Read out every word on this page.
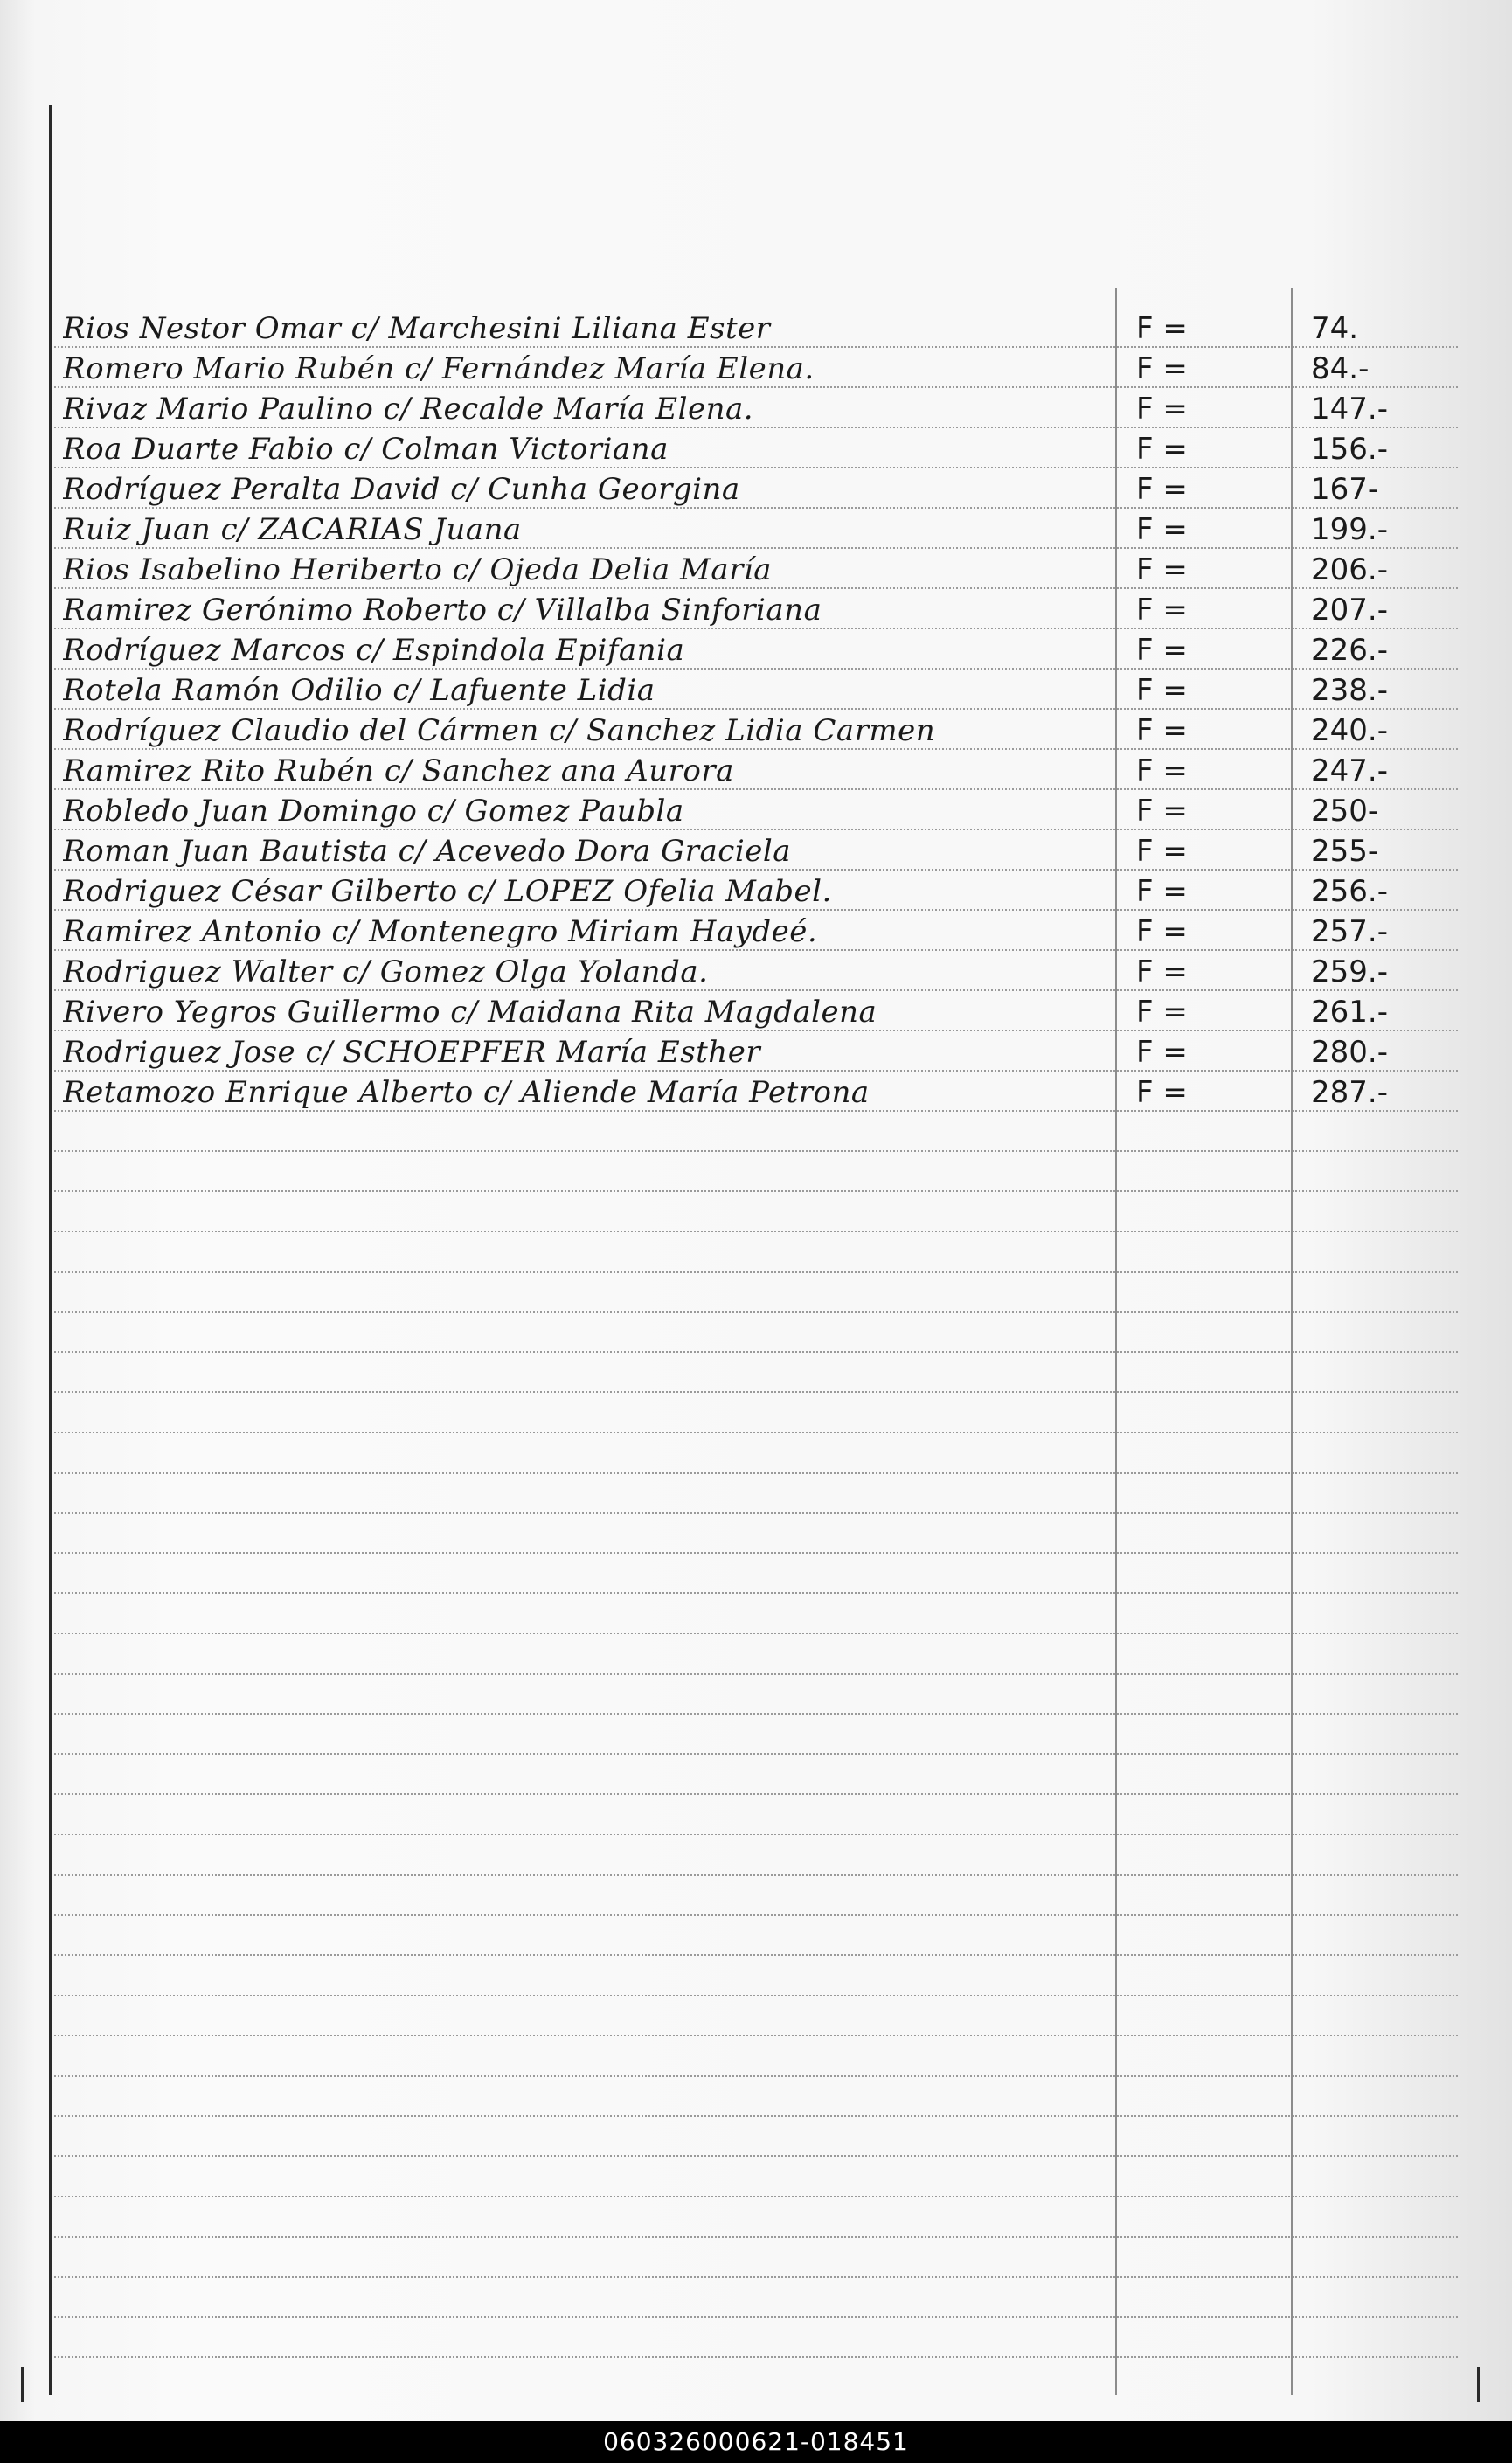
Rios Nestor Omar c/ Marchesini Liliana Ester	F =	74.
Romero Mario Rubén c/ Fernández María Elena.	F =	84.-
Rivaz Mario Paulino c/ Recalde María Elena.	F =	147.-
Roa Duarte Fabio c/ Colman Victoriana	F =	156.-
Rodríguez Peralta David c/ Cunha Georgina	F =	167-
Ruiz Juan c/ ZACARIAS Juana	F =	199.-
Rios Isabelino Heriberto c/ Ojeda Delia María	F =	206.-
Ramirez Gerónimo Roberto c/ Villalba Sinforiana	F =	207.-
Rodríguez Marcos c/ Espindola Epifania	F =	226.-
Rotela Ramón Odilio c/ Lafuente Lidia	F =	238.-
Rodríguez Claudio del Cármen c/ Sanchez Lidia Carmen	F =	240.-
Ramirez Rito Rubén c/ Sanchez ana Aurora	F =	247.-
Robledo Juan Domingo c/ Gomez Paubla	F =	250-
Roman Juan Bautista c/ Acevedo Dora Graciela	F =	255-
Rodriguez César Gilberto c/ LOPEZ Ofelia Mabel.	F =	256.-
Ramirez Antonio c/ Montenegro Miriam Haydeé.	F =	257.-
Rodriguez Walter c/ Gomez Olga Yolanda.	F =	259.-
Rivero Yegros Guillermo c/ Maidana Rita Magdalena	F =	261.-
Rodriguez Jose c/ SCHOEPFER María Esther	F =	280.-
Retamozo Enrique Alberto c/ Aliende María Petrona	F =	287.-
060326000621-018451
